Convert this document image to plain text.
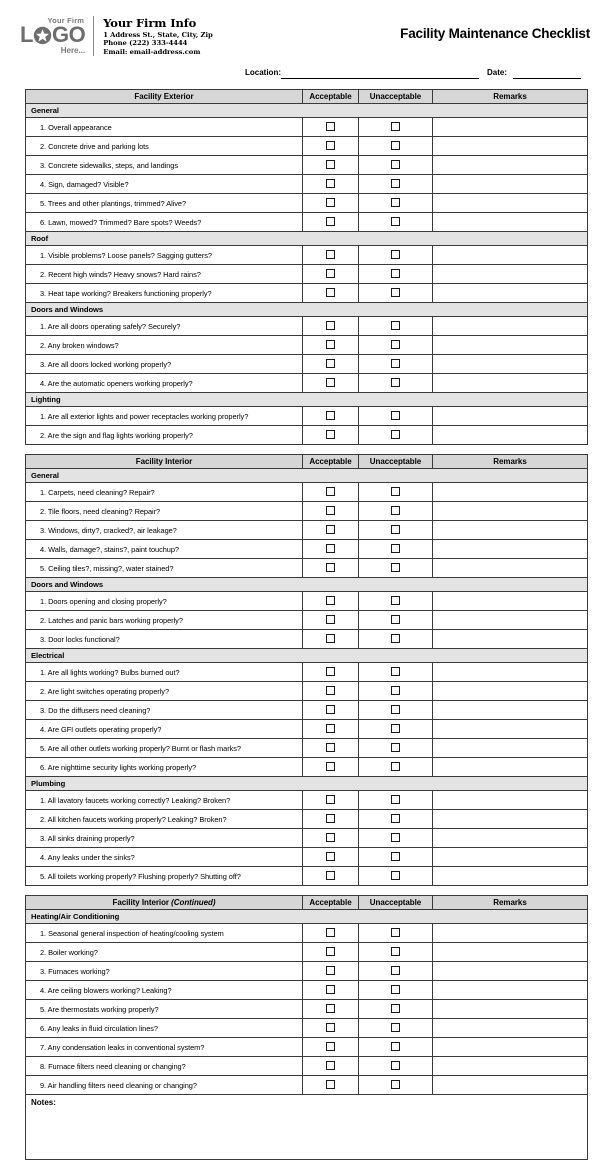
Your Firm
L GO
Here...
Your Firm Info
1 Address St., State, City, Zip
Phone (222) 333-4444
Email: email-address.com
Facility Maintenance Checklist
Location:	Date:
Facility Exterior	Acceptable	Unacceptable	Remarks
General			
1. Overall appearance			
2. Concrete drive and parking lots			
3. Concrete sidewalks, steps, and landings			
4. Sign, damaged? Visible?			
5. Trees and other plantings, trimmed? Alive?			
6. Lawn, mowed? Trimmed? Bare spots? Weeds?			
Roof			
1. Visible problems? Loose panels? Sagging gutters?			
2. Recent high winds? Heavy snows? Hard rains?			
3. Heat tape working? Breakers functioning properly?			
Doors and Windows			
1. Are all doors operating safely? Securely?			
2. Any broken windows?			
3. Are all doors locked working properly?			
4. Are the automatic openers working properly?			
Lighting			
1. Are all exterior lights and power receptacles working properly?			
2. Are the sign and flag lights working properly?			
Facility Interior	Acceptable	Unacceptable	Remarks
General			
1. Carpets, need cleaning? Repair?			
2. Tile floors, need cleaning? Repair?			
3. Windows, dirty?, cracked?, air leakage?			
4. Walls, damage?, stains?, paint touchup?			
5. Ceiling tiles?, missing?, water stained?			
Doors and Windows			
1. Doors opening and closing properly?			
2. Latches and panic bars working properly?			
3. Door locks functional?			
Electrical			
1. Are all lights working? Bulbs burned out?			
2. Are light switches operating properly?			
3. Do the diffusers need cleaning?			
4. Are GFI outlets operating properly?			
5. Are all other outlets working properly? Burnt or flash marks?			
6. Are nighttime security lights working properly?			
Plumbing			
1. All lavatory faucets working correctly? Leaking? Broken?			
2. All kitchen faucets working properly? Leaking? Broken?			
3. All sinks draining properly?			
4. Any leaks under the sinks?			
5. All toilets working properly? Flushing properly? Shutting off?			
Facility Interior (Continued)	Acceptable	Unacceptable	Remarks
Heating/Air Conditioning			
1. Seasonal general inspection of heating/cooling system			
2. Boiler working?			
3. Furnaces working?			
4. Are ceiling blowers working? Leaking?			
5. Are thermostats working properly?			
6. Any leaks in fluid circulation lines?			
7. Any condensation leaks in conventional system?			
8. Furnace filters need cleaning or changing?			
9. Air handling filters need cleaning or changing?			

Notes:			
